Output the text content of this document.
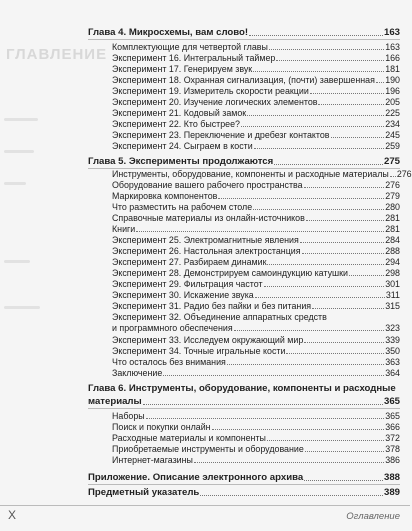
ГЛАВЛЕНИЕ
Глава 4. Микросхемы, вам слово!	163
Комплектующие для четвертой главы	163
Эксперимент 16. Интегральный таймер	166
Эксперимент 17. Генерируем звук	181
Эксперимент 18. Охранная сигнализация, (почти) завершенная 190
Эксперимент 19. Измеритель скорости реакции	196
Эксперимент 20. Изучение логических элементов	205
Эксперимент 21. Кодовый замок	225
Эксперимент 22. Кто быстрее?	234
Эксперимент 23. Переключение и дребезг контактов	245
Эксперимент 24. Сыграем в кости	259
Глава 5. Эксперименты продолжаются	275
Инструменты, оборудование, компоненты и расходные материалы 276
Оборудование вашего рабочего пространства	276
Маркировка компонентов	279
Что разместить на рабочем столе	280
Справочные материалы из онлайн-источников	281
Книги	281
Эксперимент 25. Электромагнитные явления	284
Эксперимент 26. Настольная электростанция	288
Эксперимент 27. Разбираем динамик	294
Эксперимент 28. Демонстрируем самоиндукцию катушки	298
Эксперимент 29. Фильтрация частот	301
Эксперимент 30. Искажение звука	311
Эксперимент 31. Радио без пайки и без питания	315
Эксперимент 32. Объединение аппаратных средств
и программного обеспечения	323
Эксперимент 33. Исследуем окружающий мир	339
Эксперимент 34. Точные игральные кости	350
Что осталось без внимания	363
Заключение	364
Глава 6. Инструменты, оборудование, компоненты и расходные
материалы	365
Наборы	365
Поиск и покупки онлайн	366
Расходные материалы и компоненты	372
Приобретаемые инструменты и оборудование	378
Интернет-магазины	386
Приложение. Описание электронного архива	388
Предметный указатель	389
X	Оглавление
